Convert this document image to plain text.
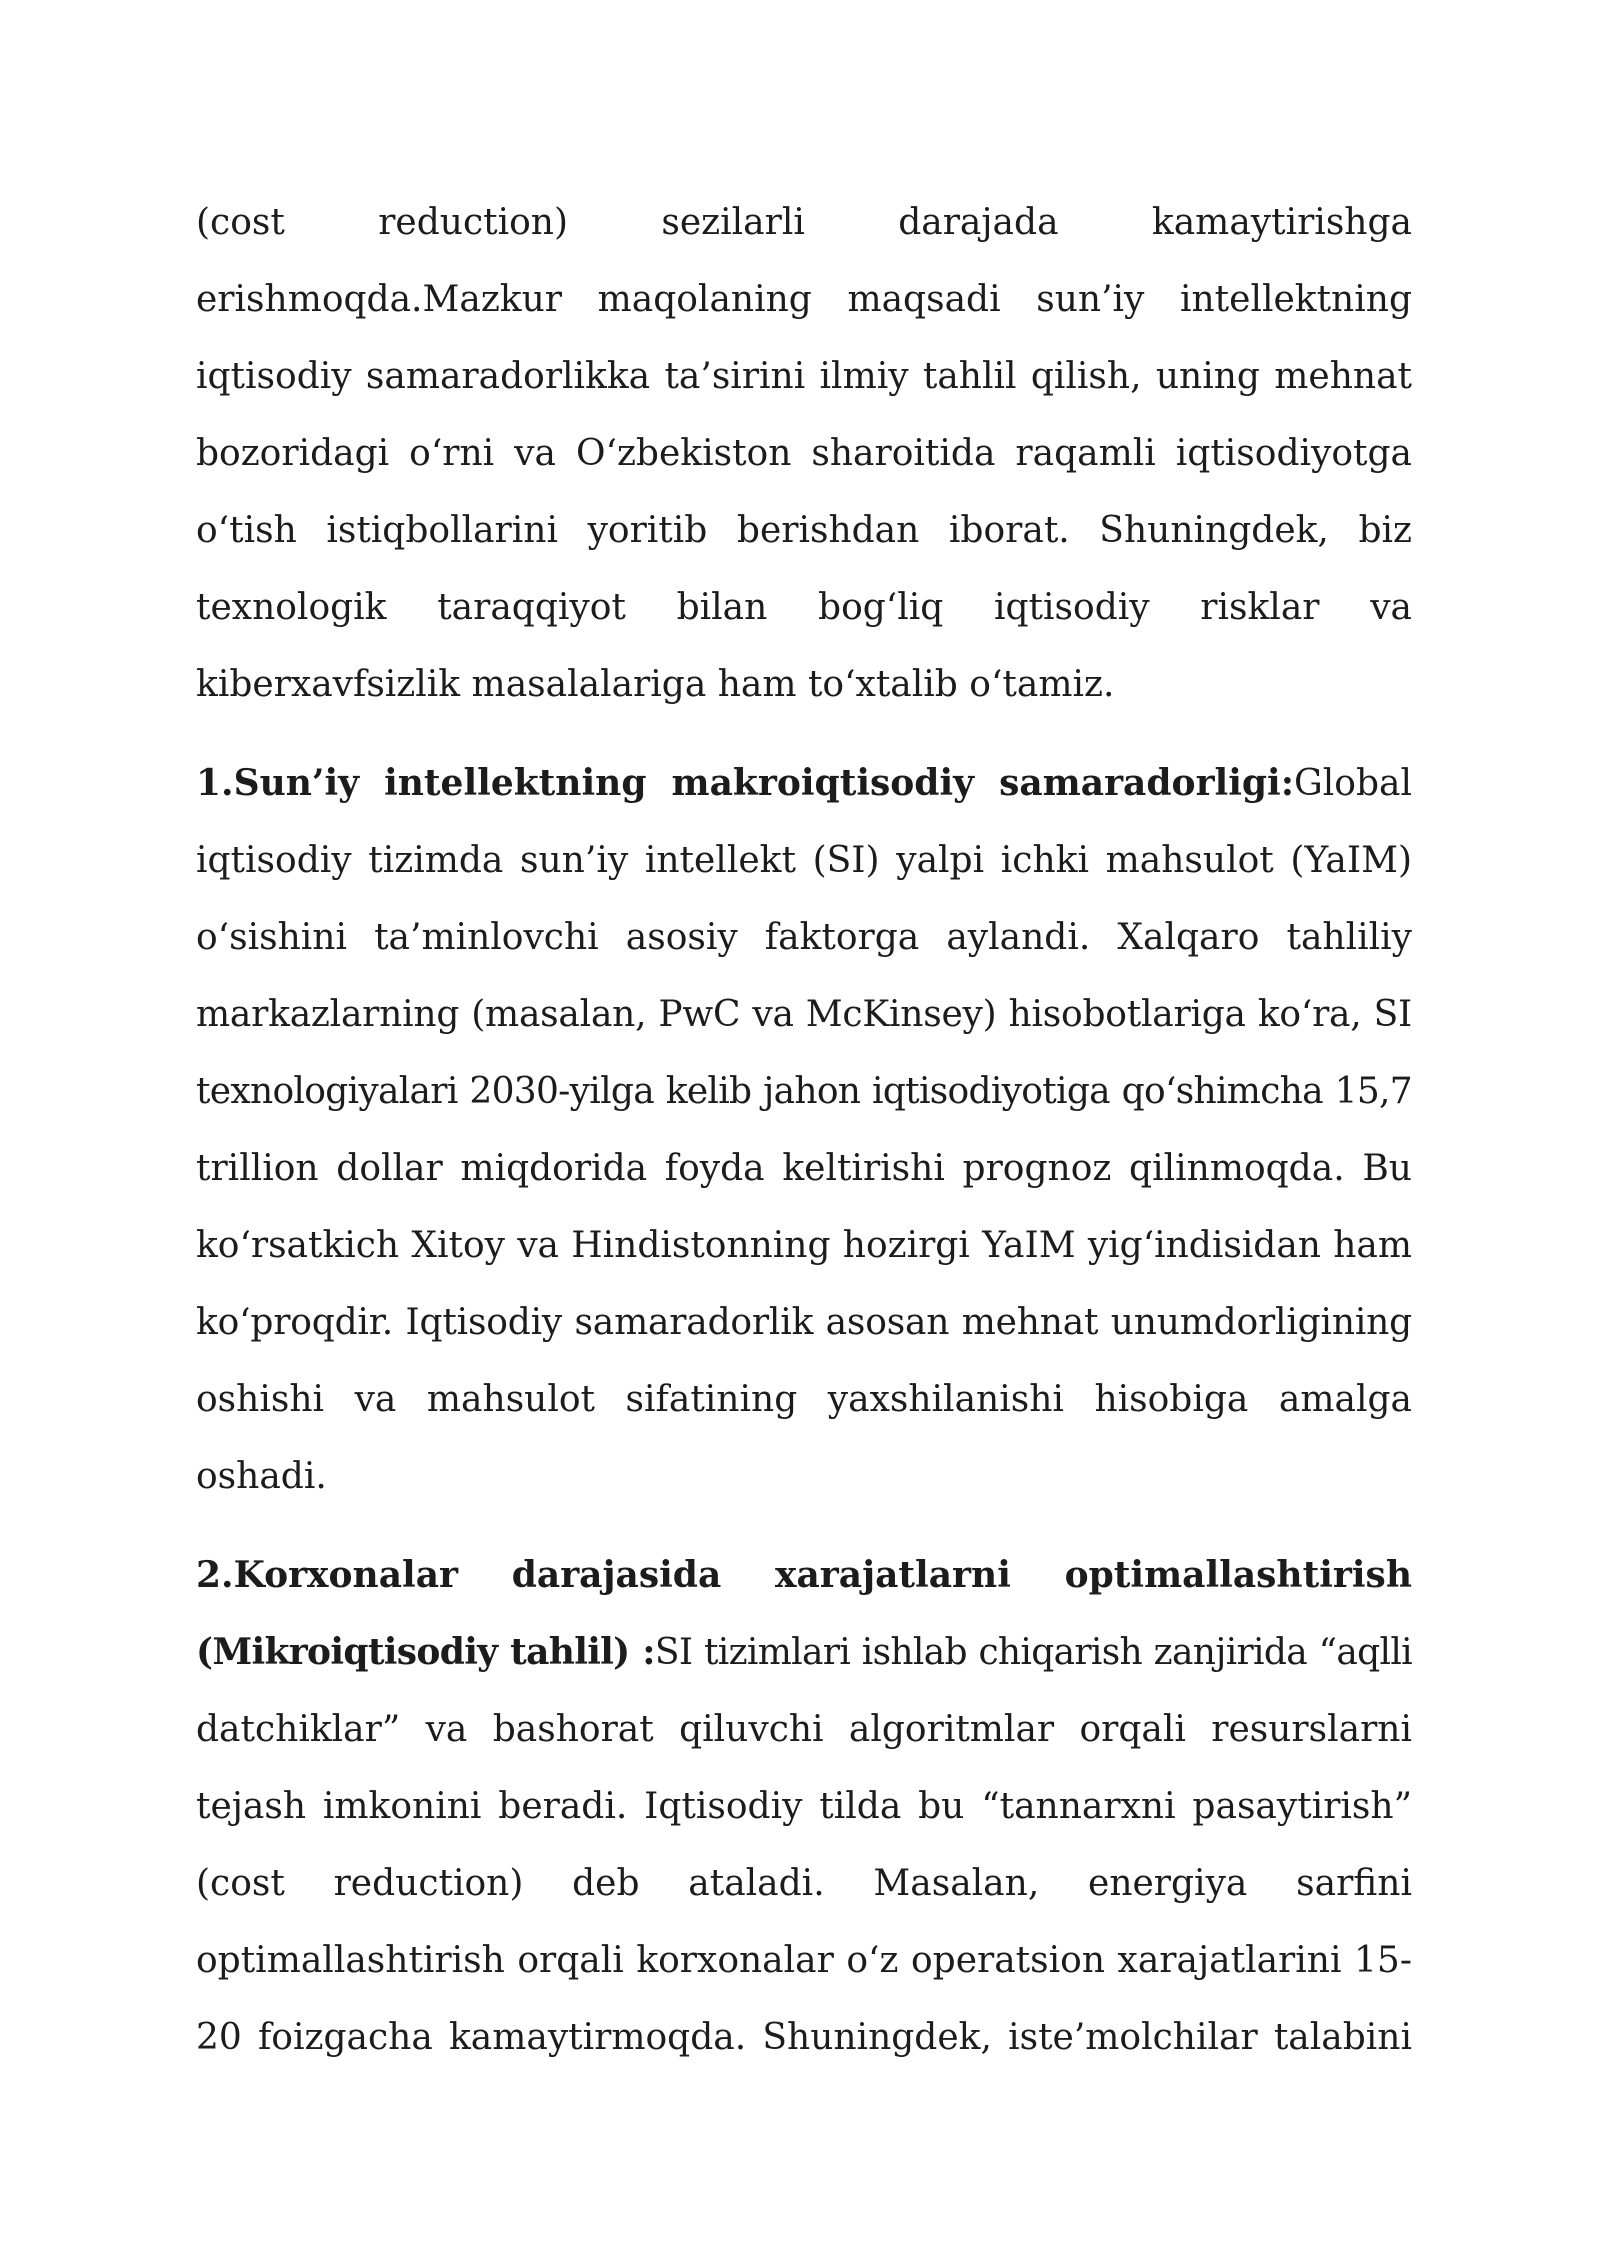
(cost reduction) sezilarli darajada kamaytirishga
erishmoqda.Mazkur maqolaning maqsadi sun’iy intellektning
iqtisodiy samaradorlikka ta’sirini ilmiy tahlil qilish, uning mehnat
bozoridagi o‘rni va O‘zbekiston sharoitida raqamli iqtisodiyotga
o‘tish istiqbollarini yoritib berishdan iborat. Shuningdek, biz
texnologik taraqqiyot bilan bog‘liq iqtisodiy risklar va
kiberxavfsizlik masalalariga ham to‘xtalib o‘tamiz.
1.Sun’iy intellektning makroiqtisodiy samaradorligi:Global
iqtisodiy tizimda sun’iy intellekt (SI) yalpi ichki mahsulot (YaIM)
o‘sishini ta’minlovchi asosiy faktorga aylandi. Xalqaro tahliliy
markazlarning (masalan, PwC va McKinsey) hisobotlariga ko‘ra, SI
texnologiyalari 2030-yilga kelib jahon iqtisodiyotiga qo‘shimcha 15,7
trillion dollar miqdorida foyda keltirishi prognoz qilinmoqda. Bu
ko‘rsatkich Xitoy va Hindistonning hozirgi YaIM yig‘indisidan ham
ko‘proqdir. Iqtisodiy samaradorlik asosan mehnat unumdorligining
oshishi va mahsulot sifatining yaxshilanishi hisobiga amalga
oshadi.
2.Korxonalar darajasida xarajatlarni optimallashtirish
(Mikroiqtisodiy tahlil) :SI tizimlari ishlab chiqarish zanjirida “aqlli
datchiklar” va bashorat qiluvchi algoritmlar orqali resurslarni
tejash imkonini beradi. Iqtisodiy tilda bu “tannarxni pasaytirish”
(cost reduction) deb ataladi. Masalan, energiya sarfini
optimallashtirish orqali korxonalar o‘z operatsion xarajatlarini 15-
20 foizgacha kamaytirmoqda. Shuningdek, iste’molchilar talabini
